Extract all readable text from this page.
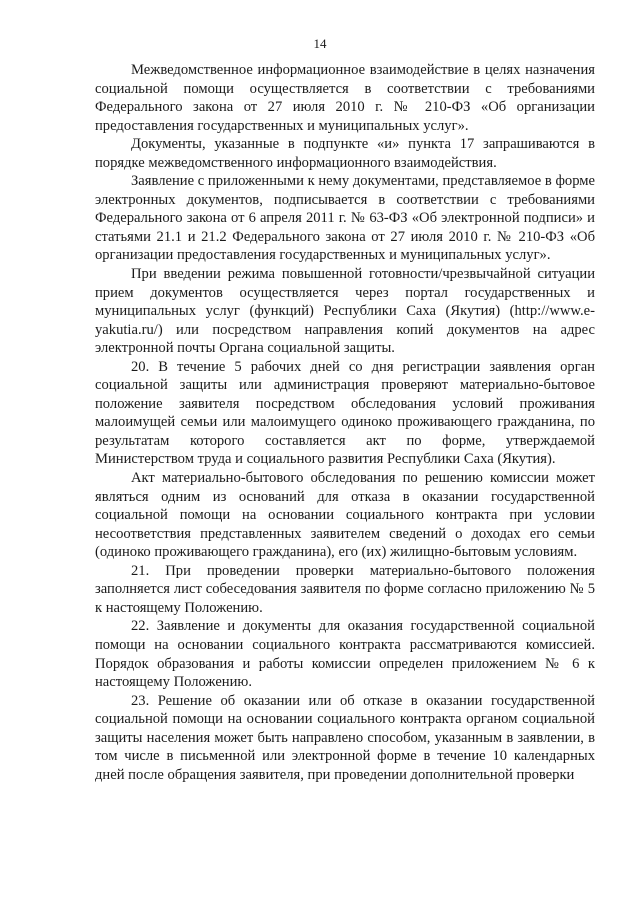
14

Межведомственное информационное взаимодействие в целях назначения социальной помощи осуществляется в соответствии с требованиями Федерального закона от 27 июля 2010 г. № 210-ФЗ «Об организации предоставления государственных и муниципальных услуг».

Документы, указанные в подпункте «и» пункта 17 запрашиваются в порядке межведомственного информационного взаимодействия.

Заявление с приложенными к нему документами, представляемое в форме электронных документов, подписывается в соответствии с требованиями Федерального закона от 6 апреля 2011 г. № 63-ФЗ «Об электронной подписи» и статьями 21.1 и 21.2 Федерального закона от 27 июля 2010 г. № 210-ФЗ «Об организации предоставления государственных и муниципальных услуг».

При введении режима повышенной готовности/чрезвычайной ситуации прием документов осуществляется через портал государственных и муниципальных услуг (функций) Республики Саха (Якутия) (http://www.e-yakutia.ru/) или посредством направления копий документов на адрес электронной почты Органа социальной защиты.

20. В течение 5 рабочих дней со дня регистрации заявления орган социальной защиты или администрация проверяют материально-бытовое положение заявителя посредством обследования условий проживания малоимущей семьи или малоимущего одиноко проживающего гражданина, по результатам которого составляется акт по форме, утверждаемой Министерством труда и социального развития Республики Саха (Якутия).

Акт материально-бытового обследования по решению комиссии может являться одним из оснований для отказа в оказании государственной социальной помощи на основании социального контракта при условии несоответствия представленных заявителем сведений о доходах его семьи (одиноко проживающего гражданина), его (их) жилищно-бытовым условиям.

21. При проведении проверки материально-бытового положения заполняется лист собеседования заявителя по форме согласно приложению № 5 к настоящему Положению.

22. Заявление и документы для оказания государственной социальной помощи на основании социального контракта рассматриваются комиссией. Порядок образования и работы комиссии определен приложением № 6 к настоящему Положению.

23. Решение об оказании или об отказе в оказании государственной социальной помощи на основании социального контракта органом социальной защиты населения может быть направлено способом, указанным в заявлении, в том числе в письменной или электронной форме в течение 10 календарных дней после обращения заявителя, при проведении дополнительной проверки
